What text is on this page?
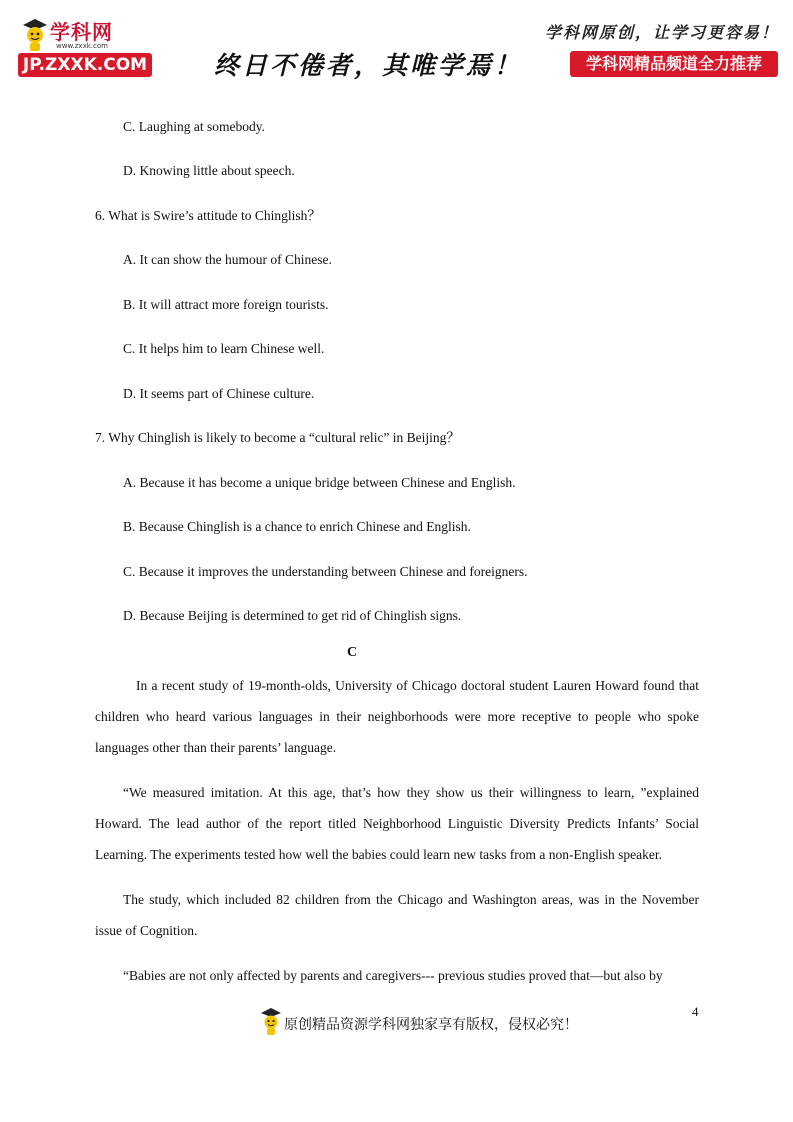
学科网
www.zxxk.com
JP.ZXXK.COM	终日不倦者，其唯学焉！
学科网原创，让学习更容易！
学科网精品频道全力推荐
C. Laughing at somebody.
D. Knowing little about speech.
6. What is Swire’s attitude to Chinglish？
A. It can show the humour of Chinese.
B. It will attract more foreign tourists.
C. It helps him to learn Chinese well.
D. It seems part of Chinese culture.
7. Why Chinglish is likely to become a “cultural relic” in Beijing？
A. Because it has become a unique bridge between Chinese and English.
B. Because Chinglish is a chance to enrich Chinese and English.
C. Because it improves the understanding between Chinese and foreigners.
D. Because Beijing is determined to get rid of Chinglish signs.
C
In a recent study of 19-month-olds, University of Chicago doctoral student Lauren Howard found that children who heard various languages in their neighborhoods were more receptive to people who spoke languages other than their parents’ language.
“We measured imitation. At this age, that’s how they show us their willingness to learn, ”explained Howard. The lead author of the report titled Neighborhood Linguistic Diversity Predicts Infants’ Social Learning. The experiments tested how well the babies could learn new tasks from a non-English speaker.
The study, which included 82 children from the Chicago and Washington areas, was in the November issue of Cognition.
“Babies are not only affected by parents and caregivers--- previous studies proved that—but also by
4
原创精品资源学科网独家享有版权，侵权必究！
